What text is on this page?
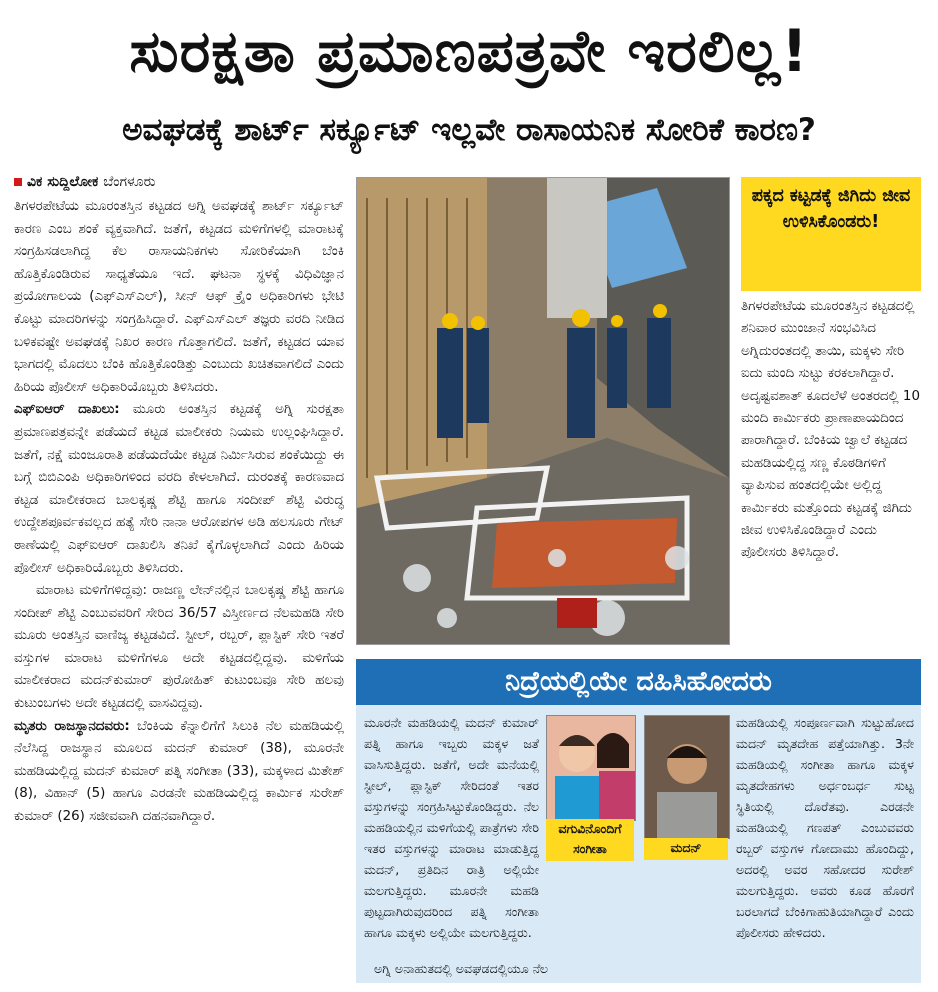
ಸುರಕ್ಷತಾ ಪ್ರಮಾಣಪತ್ರವೇ ಇರಲಿಲ್ಲ!
ಅವಘಡಕ್ಕೆ ಶಾರ್ಟ್ ಸರ್ಕ್ಯೂಟ್ ಇಲ್ಲವೇ ರಾಸಾಯನಿಕ ಸೋರಿಕೆ ಕಾರಣ?
ವಿಕ ಸುದ್ದಿಲೋಕ ಬೆಂಗಳೂರು

ತಿಗಳರಪೇಟೆಯ ಮೂರಂತಸ್ತಿನ ಕಟ್ಟಡದ ಅಗ್ನಿ ಅವಘಡಕ್ಕೆ ಶಾರ್ಟ್ ಸರ್ಕ್ಯೂಟ್ ಕಾರಣ ಎಂಬ ಶಂಕೆ ವ್ಯಕ್ತವಾಗಿದೆ. ಜತೆಗೆ, ಕಟ್ಟಡದ ಮಳಿಗೆಗಳಲ್ಲಿ ಮಾರಾಟಕ್ಕೆ ಸಂಗ್ರಹಿಸಡಲಾಗಿದ್ದ ಕೆಲ ರಾಸಾಯನಿಕಗಳು ಸೋರಿಕೆಯಾಗಿ ಬೆಂಕಿ ಹೊತ್ತಿಕೊಂಡಿರುವ ಸಾಧ್ಯತೆಯೂ ಇದೆ. ಘಟನಾ ಸ್ಥಳಕ್ಕೆ ವಿಧಿವಿಜ್ಞಾನ ಪ್ರಯೋಗಾಲಯ (ಎಫ್‌ಎಸ್‌ಎಲ್), ಸೀನ್ ಆಫ್ ಕ್ರೈಂ ಅಧಿಕಾರಿಗಳು ಭೇಟಿ ಕೊಟ್ಟು ಮಾದರಿಗಳನ್ನು ಸಂಗ್ರಹಿಸಿದ್ದಾರೆ. ಎಫ್‌ಎಸ್‌ಎಲ್ ತಜ್ಞರು ವರದಿ ನೀಡಿದ ಬಳಿಕವಷ್ಟೇ ಅವಘಡಕ್ಕೆ ನಿಖರ ಕಾರಣ ಗೊತ್ತಾಗಲಿದೆ. ಜತೆಗೆ, ಕಟ್ಟಡದ ಯಾವ ಭಾಗದಲ್ಲಿ ಮೊದಲು ಬೆಂಕಿ ಹೊತ್ತಿಕೊಂಡಿತ್ತು ಎಂಬುದು ಖಚಿತವಾಗಲಿದೆ ಎಂದು ಹಿರಿಯ ಪೊಲೀಸ್ ಅಧಿಕಾರಿಯೊಬ್ಬರು ತಿಳಿಸಿದರು.

ಎಫ್‌ಐಆರ್ ದಾಖಲು: ಮೂರು ಅಂತಸ್ತಿನ ಕಟ್ಟಡಕ್ಕೆ ಅಗ್ನಿ ಸುರಕ್ಷತಾ ಪ್ರಮಾಣಪತ್ರವನ್ನೇ ಪಡೆಯದೆ ಕಟ್ಟಡ ಮಾಲೀಕರು ನಿಯಮ ಉಲ್ಲಂಘಿಸಿದ್ದಾರೆ. ಜತೆಗೆ, ನಕ್ಷೆ ಮಂಜೂರಾತಿ ಪಡೆಯದೆಯೇ ಕಟ್ಟಡ ನಿರ್ಮಿಸಿರುವ ಶಂಕೆಯಿದ್ದು ಈ ಬಗ್ಗೆ ಬಿಬಿಎಂಪಿ ಅಧಿಕಾರಿಗಳಿಂದ ವರದಿ ಕೇಳಲಾಗಿದೆ. ದುರಂತಕ್ಕೆ ಕಾರಣವಾದ ಕಟ್ಟಡ ಮಾಲೀಕರಾದ ಬಾಲಕೃಷ್ಣ ಶೆಟ್ಟಿ ಹಾಗೂ ಸಂದೀಪ್ ಶೆಟ್ಟಿ ವಿರುದ್ಧ ಉದ್ದೇಶಪೂರ್ವಕವಲ್ಲದ ಹತ್ಯೆ ಸೇರಿ ನಾನಾ ಆರೋಪಗಳ ಅಡಿ ಹಲಸೂರು ಗೇಟ್ ಠಾಣೆಯಲ್ಲಿ ಎಫ್‌ಐಆರ್ ದಾಖಲಿಸಿ ತನಿಖೆ ಕೈಗೊಳ್ಳಲಾಗಿದೆ ಎಂದು ಹಿರಿಯ ಪೊಲೀಸ್ ಅಧಿಕಾರಿಯೊಬ್ಬರು ತಿಳಿಸಿದರು.

ಮಾರಾಟ ಮಳಿಗೆಗಳಿದ್ದವು: ರಾಜಣ್ಣ ಲೇನ್‌ನಲ್ಲಿನ ಬಾಲಕೃಷ್ಣ ಶೆಟ್ಟಿ ಹಾಗೂ ಸಂದೀಪ್ ಶೆಟ್ಟಿ ಎಂಬುವವರಿಗೆ ಸೇರಿದ 36/57 ವಿಸ್ತೀರ್ಣದ ನೆಲಮಹಡಿ ಸೇರಿ ಮೂರು ಅಂತಸ್ತಿನ ವಾಣಿಜ್ಯ ಕಟ್ಟಡವಿದೆ. ಸ್ಟೀಲ್, ರಬ್ಬರ್, ಪ್ಲಾಸ್ಟಿಕ್ ಸೇರಿ ಇತರೆ ವಸ್ತುಗಳ ಮಾರಾಟ ಮಳಿಗೆಗಳೂ ಅದೇ ಕಟ್ಟಡದಲ್ಲಿದ್ದವು. ಮಳಿಗೆಯ ಮಾಲೀಕರಾದ ಮದನ್‌ಕುಮಾರ್ ಪುರೋಹಿತ್ ಕುಟುಂಬವೂ ಸೇರಿ ಹಲವು ಕುಟುಂಬಗಳು ಅದೇ ಕಟ್ಟಡದಲ್ಲಿ ವಾಸವಿದ್ದವು.

ಮೃತರು ರಾಜಸ್ಥಾನದವರು: ಬೆಂಕಿಯ ಕೆನ್ನಾಲಿಗೆಗೆ ಸಿಲುಕಿ ನೆಲ ಮಹಡಿಯಲ್ಲಿ ನೆಲೆಸಿದ್ದ ರಾಜಸ್ಥಾನ ಮೂಲದ ಮದನ್ ಕುಮಾರ್ (38), ಮೂರನೇ ಮಹಡಿಯಲ್ಲಿದ್ದ ಮದನ್ ಕುಮಾರ್ ಪತ್ನಿ ಸಂಗೀತಾ (33), ಮಕ್ಕಳಾದ ಮಿತೇಶ್ (8), ವಿಹಾನ್ (5) ಹಾಗೂ ಎರಡನೇ ಮಹಡಿಯಲ್ಲಿದ್ದ ಕಾರ್ಮಿಕ ಸುರೇಶ್ ಕುಮಾರ್ (26) ಸಜೀವವಾಗಿ ದಹನವಾಗಿದ್ದಾರೆ.

ಪಕ್ಕದ ಕಟ್ಟಡಕ್ಕೆ ಜಿಗಿದು ಜೀವ ಉಳಿಸಿಕೊಂಡರು!
ತಿಗಳರಪೇಟೆಯ ಮೂರಂತಸ್ತಿನ ಕಟ್ಟಡದಲ್ಲಿ ಶನಿವಾರ ಮುಂಜಾನೆ ಸಂಭವಿಸಿದ ಅಗ್ನಿದುರಂತದಲ್ಲಿ ತಾಯಿ, ಮಕ್ಕಳು ಸೇರಿ ಐದು ಮಂದಿ ಸುಟ್ಟು ಕರಕಲಾಗಿದ್ದಾರೆ. ಅದೃಷ್ಟವಶಾತ್ ಕೂದಲೆಳೆ ಅಂತರದಲ್ಲಿ 10 ಮಂದಿ ಕಾರ್ಮಿಕರು ಪ್ರಾಣಾಪಾಯದಿಂದ ಪಾರಾಗಿದ್ದಾರೆ. ಬೆಂಕಿಯ ಜ್ವಾಲೆ ಕಟ್ಟಡದ ಮಹಡಿಯಲ್ಲಿದ್ದ ಸಣ್ಣ ಕೊಠಡಿಗಳಿಗೆ ವ್ಯಾಪಿಸುವ ಹಂತದಲ್ಲಿಯೇ ಅಲ್ಲಿದ್ದ ಕಾರ್ಮಿಕರು ಮತ್ತೊಂದು ಕಟ್ಟಡಕ್ಕೆ ಜಿಗಿದು ಜೀವ ಉಳಿಸಿಕೊಂಡಿದ್ದಾರೆ ಎಂದು ಪೊಲೀಸರು ತಿಳಿಸಿದ್ದಾರೆ.
ನಿದ್ರೆಯಲ್ಲಿಯೇ ದಹಿಸಿಹೋದರು
ಮೂರನೇ ಮಹಡಿಯಲ್ಲಿ ಮದನ್ ಕುಮಾರ್ ಪತ್ನಿ ಹಾಗೂ ಇಬ್ಬರು ಮಕ್ಕಳ ಜತೆ ವಾಸಿಸುತ್ತಿದ್ದರು. ಜತೆಗೆ, ಅದೇ ಮನೆಯಲ್ಲಿ ಸ್ಟೀಲ್, ಪ್ಲಾಸ್ಟಿಕ್ ಸೇರಿದಂತೆ ಇತರ ವಸ್ತುಗಳನ್ನು ಸಂಗ್ರಹಿಸಿಟ್ಟುಕೊಂಡಿದ್ದರು. ನೆಲ ಮಹಡಿಯಲ್ಲಿನ ಮಳಿಗೆಯಲ್ಲಿ ಪಾತ್ರೆಗಳು ಸೇರಿ ಇತರ ವಸ್ತುಗಳನ್ನು ಮಾರಾಟ ಮಾಡುತ್ತಿದ್ದ ಮದನ್, ಪ್ರತಿದಿನ ರಾತ್ರಿ ಅಲ್ಲಿಯೇ ಮಲಗುತ್ತಿದ್ದರು. ಮೂರನೇ ಮಹಡಿ ಪುಟ್ಟದಾಗಿರುವುದರಿಂದ ಪತ್ನಿ ಸಂಗೀತಾ ಹಾಗೂ ಮಕ್ಕಳು ಅಲ್ಲಿಯೇ ಮಲಗುತ್ತಿದ್ದರು.
ಅಗ್ನಿ ಅನಾಹುತದಲ್ಲಿ ಅವಘಡದಲ್ಲಿಯೂ ನೆಲ
ವಗುವಿನೊಂದಿಗೆ ಸಂಗೀತಾ	ಮದನ್
ಮಹಡಿಯಲ್ಲಿ ಸಂಪೂರ್ಣವಾಗಿ ಸುಟ್ಟುಹೋದ ಮದನ್ ಮೃತದೇಹ ಪತ್ತೆಯಾಗಿತ್ತು. 3ನೇ ಮಹಡಿಯಲ್ಲಿ ಸಂಗೀತಾ ಹಾಗೂ ಮಕ್ಕಳ ಮೃತದೇಹಗಳು ಅರ್ಧಂಬರ್ಧ ಸುಟ್ಟ ಸ್ಥಿತಿಯಲ್ಲಿ ದೊರೆತವು. ಎರಡನೇ ಮಹಡಿಯಲ್ಲಿ ಗಣಪತ್ ಎಂಬುವವರು ರಬ್ಬರ್ ವಸ್ತುಗಳ ಗೋದಾಮು ಹೊಂದಿದ್ದು, ಅದರಲ್ಲಿ ಅವರ ಸಹೋದರ ಸುರೇಶ್ ಮಲಗುತ್ತಿದ್ದರು. ಅವರು ಕೂಡ ಹೊರಗೆ ಬರಲಾಗದೆ ಬೆಂಕಿಗಾಹುತಿಯಾಗಿದ್ದಾರೆ ಎಂದು ಪೊಲೀಸರು ಹೇಳಿದರು.
